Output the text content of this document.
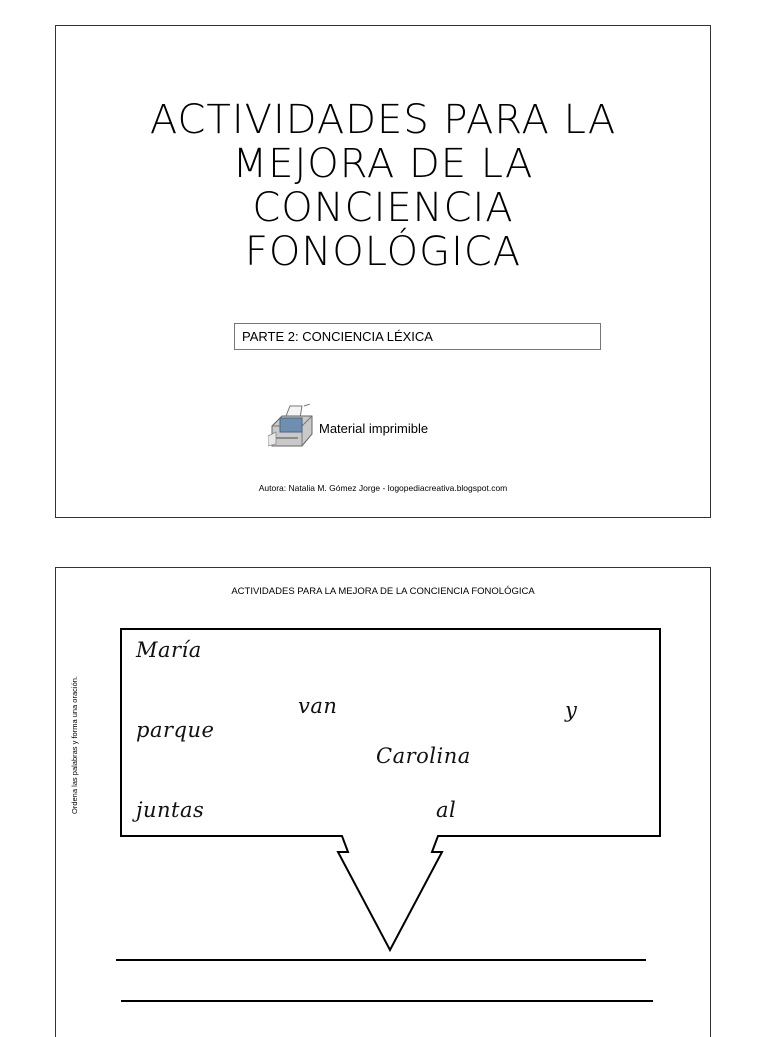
ACTIVIDADES PARA LA
MEJORA DE LA
CONCIENCIA
FONOLÓGICA
PARTE 2: CONCIENCIA LÉXICA
Material imprimible
Autora: Natalia M. Gómez Jorge - logopediacreativa.blogspot.com
ACTIVIDADES PARA LA MEJORA DE LA CONCIENCIA FONOLÓGICA
Ordena las palabras y forma una oración.
María
van	y
parque
Carolina
juntas	al
